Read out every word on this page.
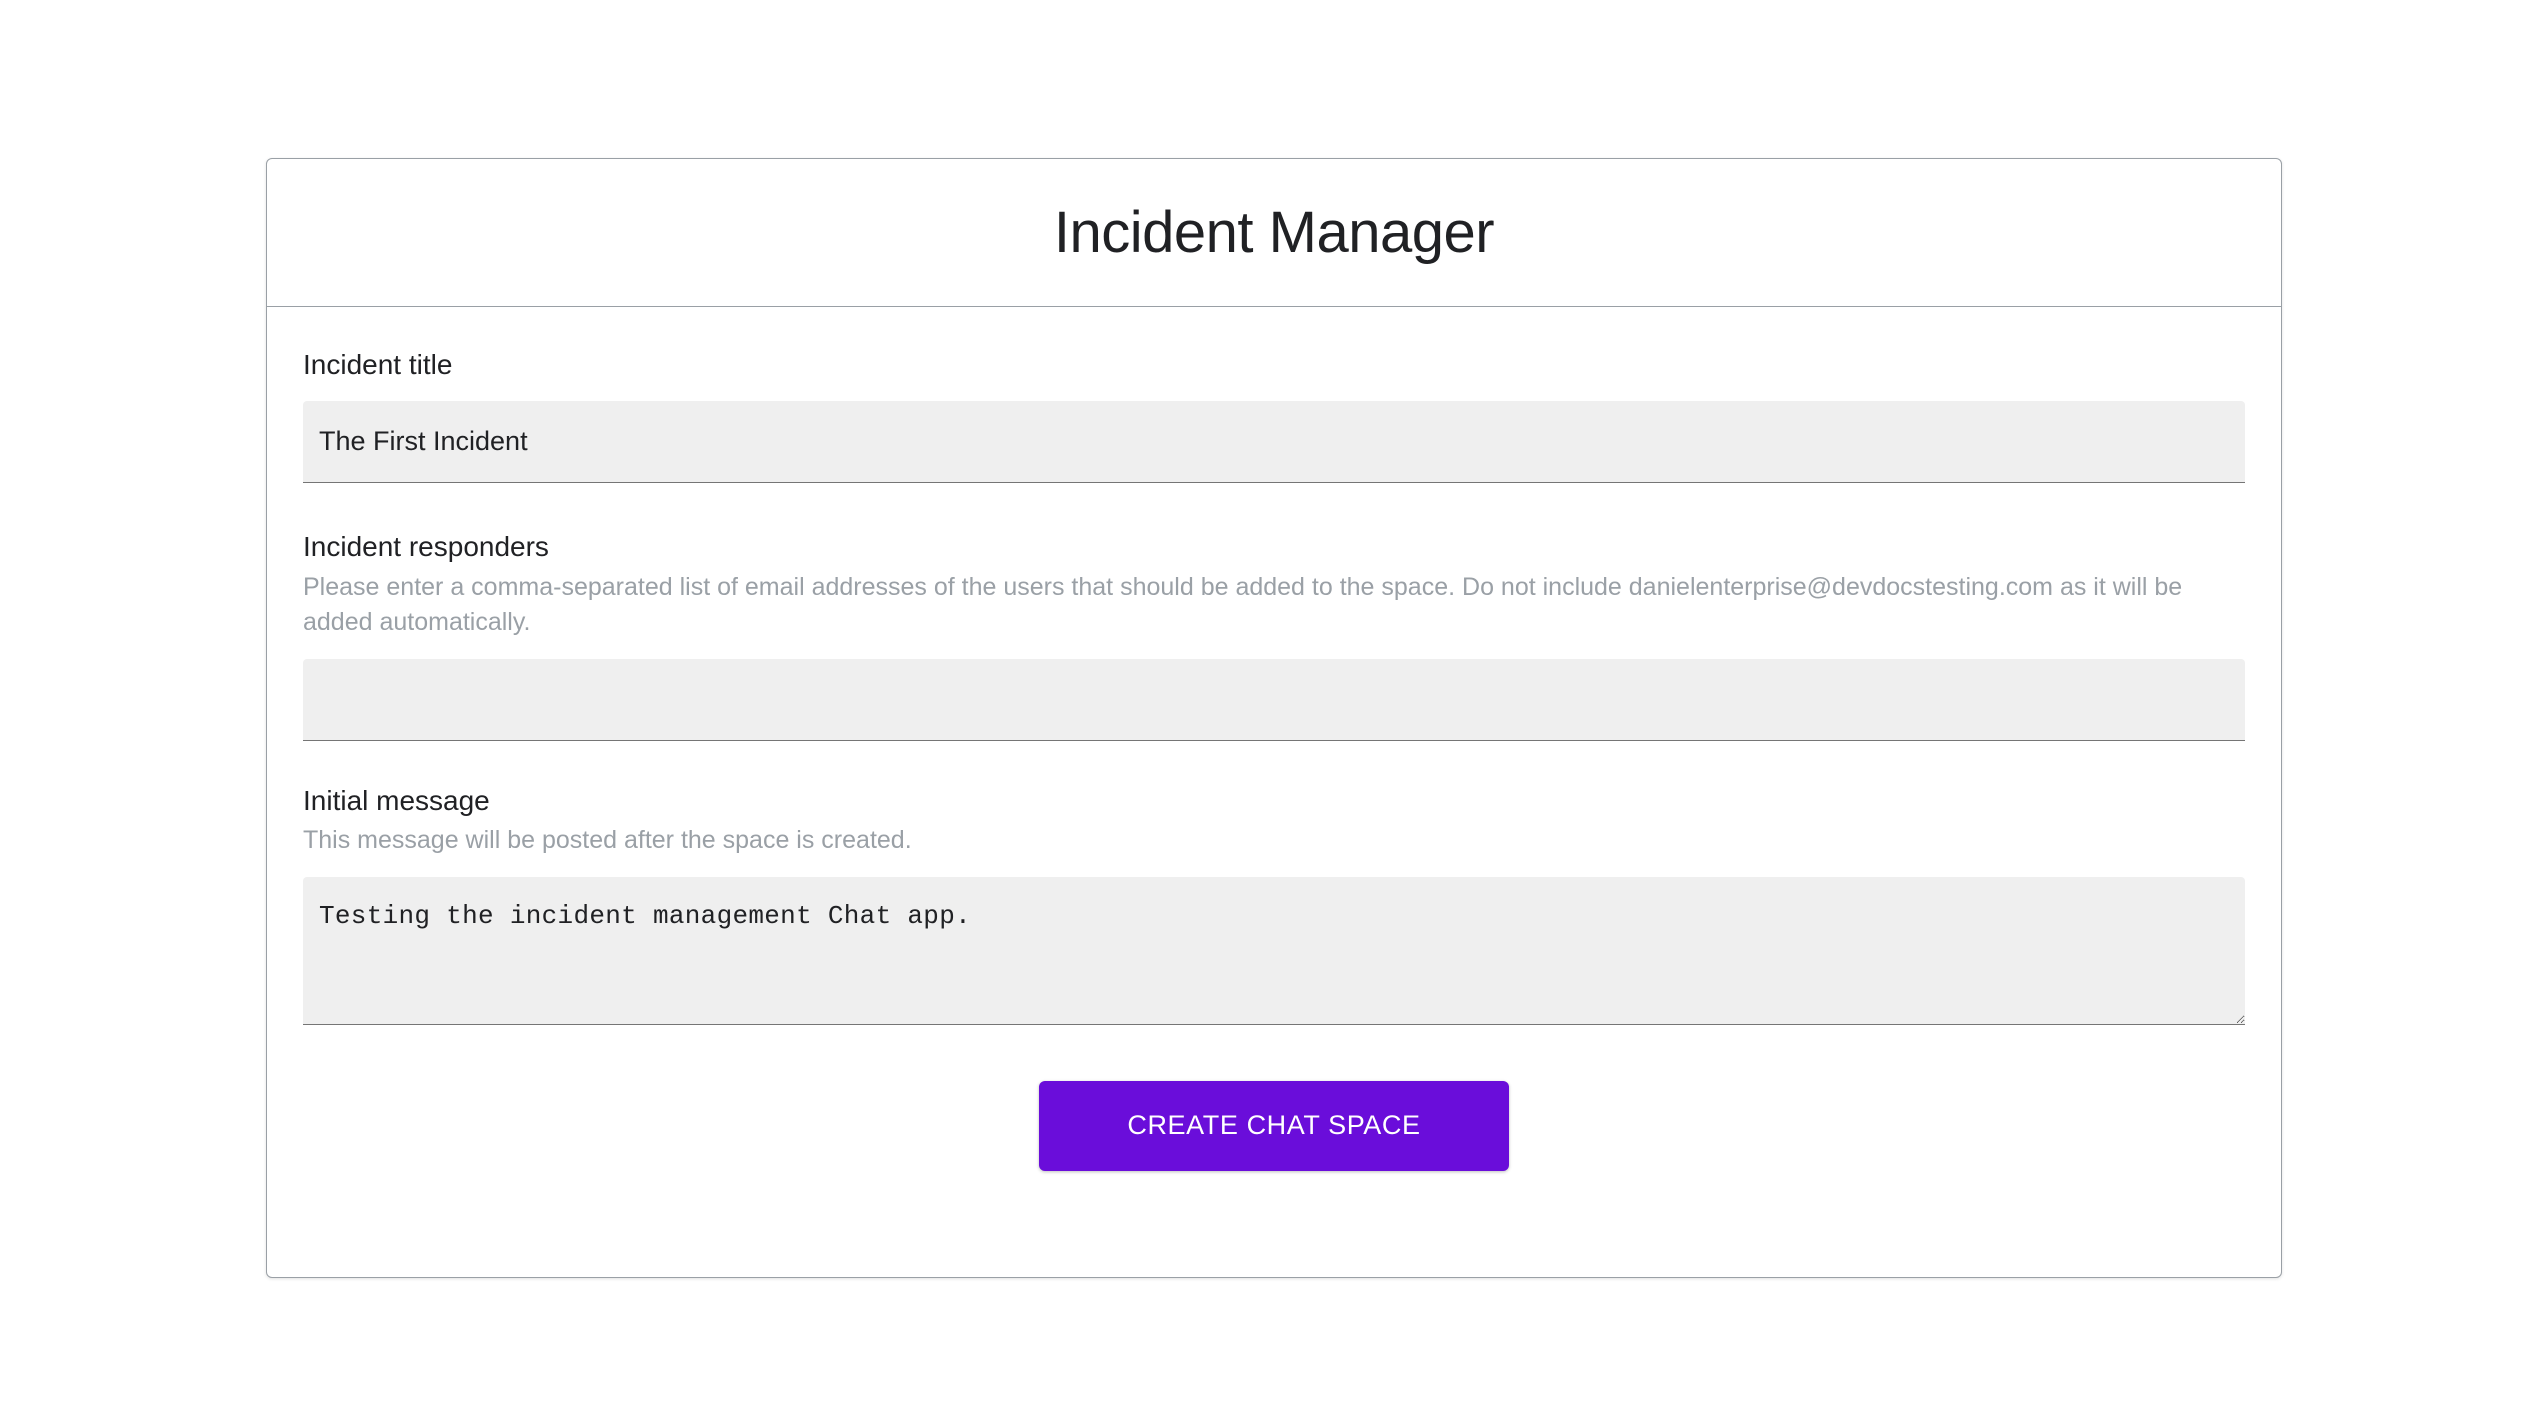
Incident Manager
Incident title
The First Incident
Incident responders

Please enter a comma-separated list of email addresses of the users that should be added to the space. Do not include danielenterprise@devdocstesting.com as it will be added automatically.

Initial message

This message will be posted after the space is created.

Testing the incident management Chat app.
CREATE CHAT SPACE
